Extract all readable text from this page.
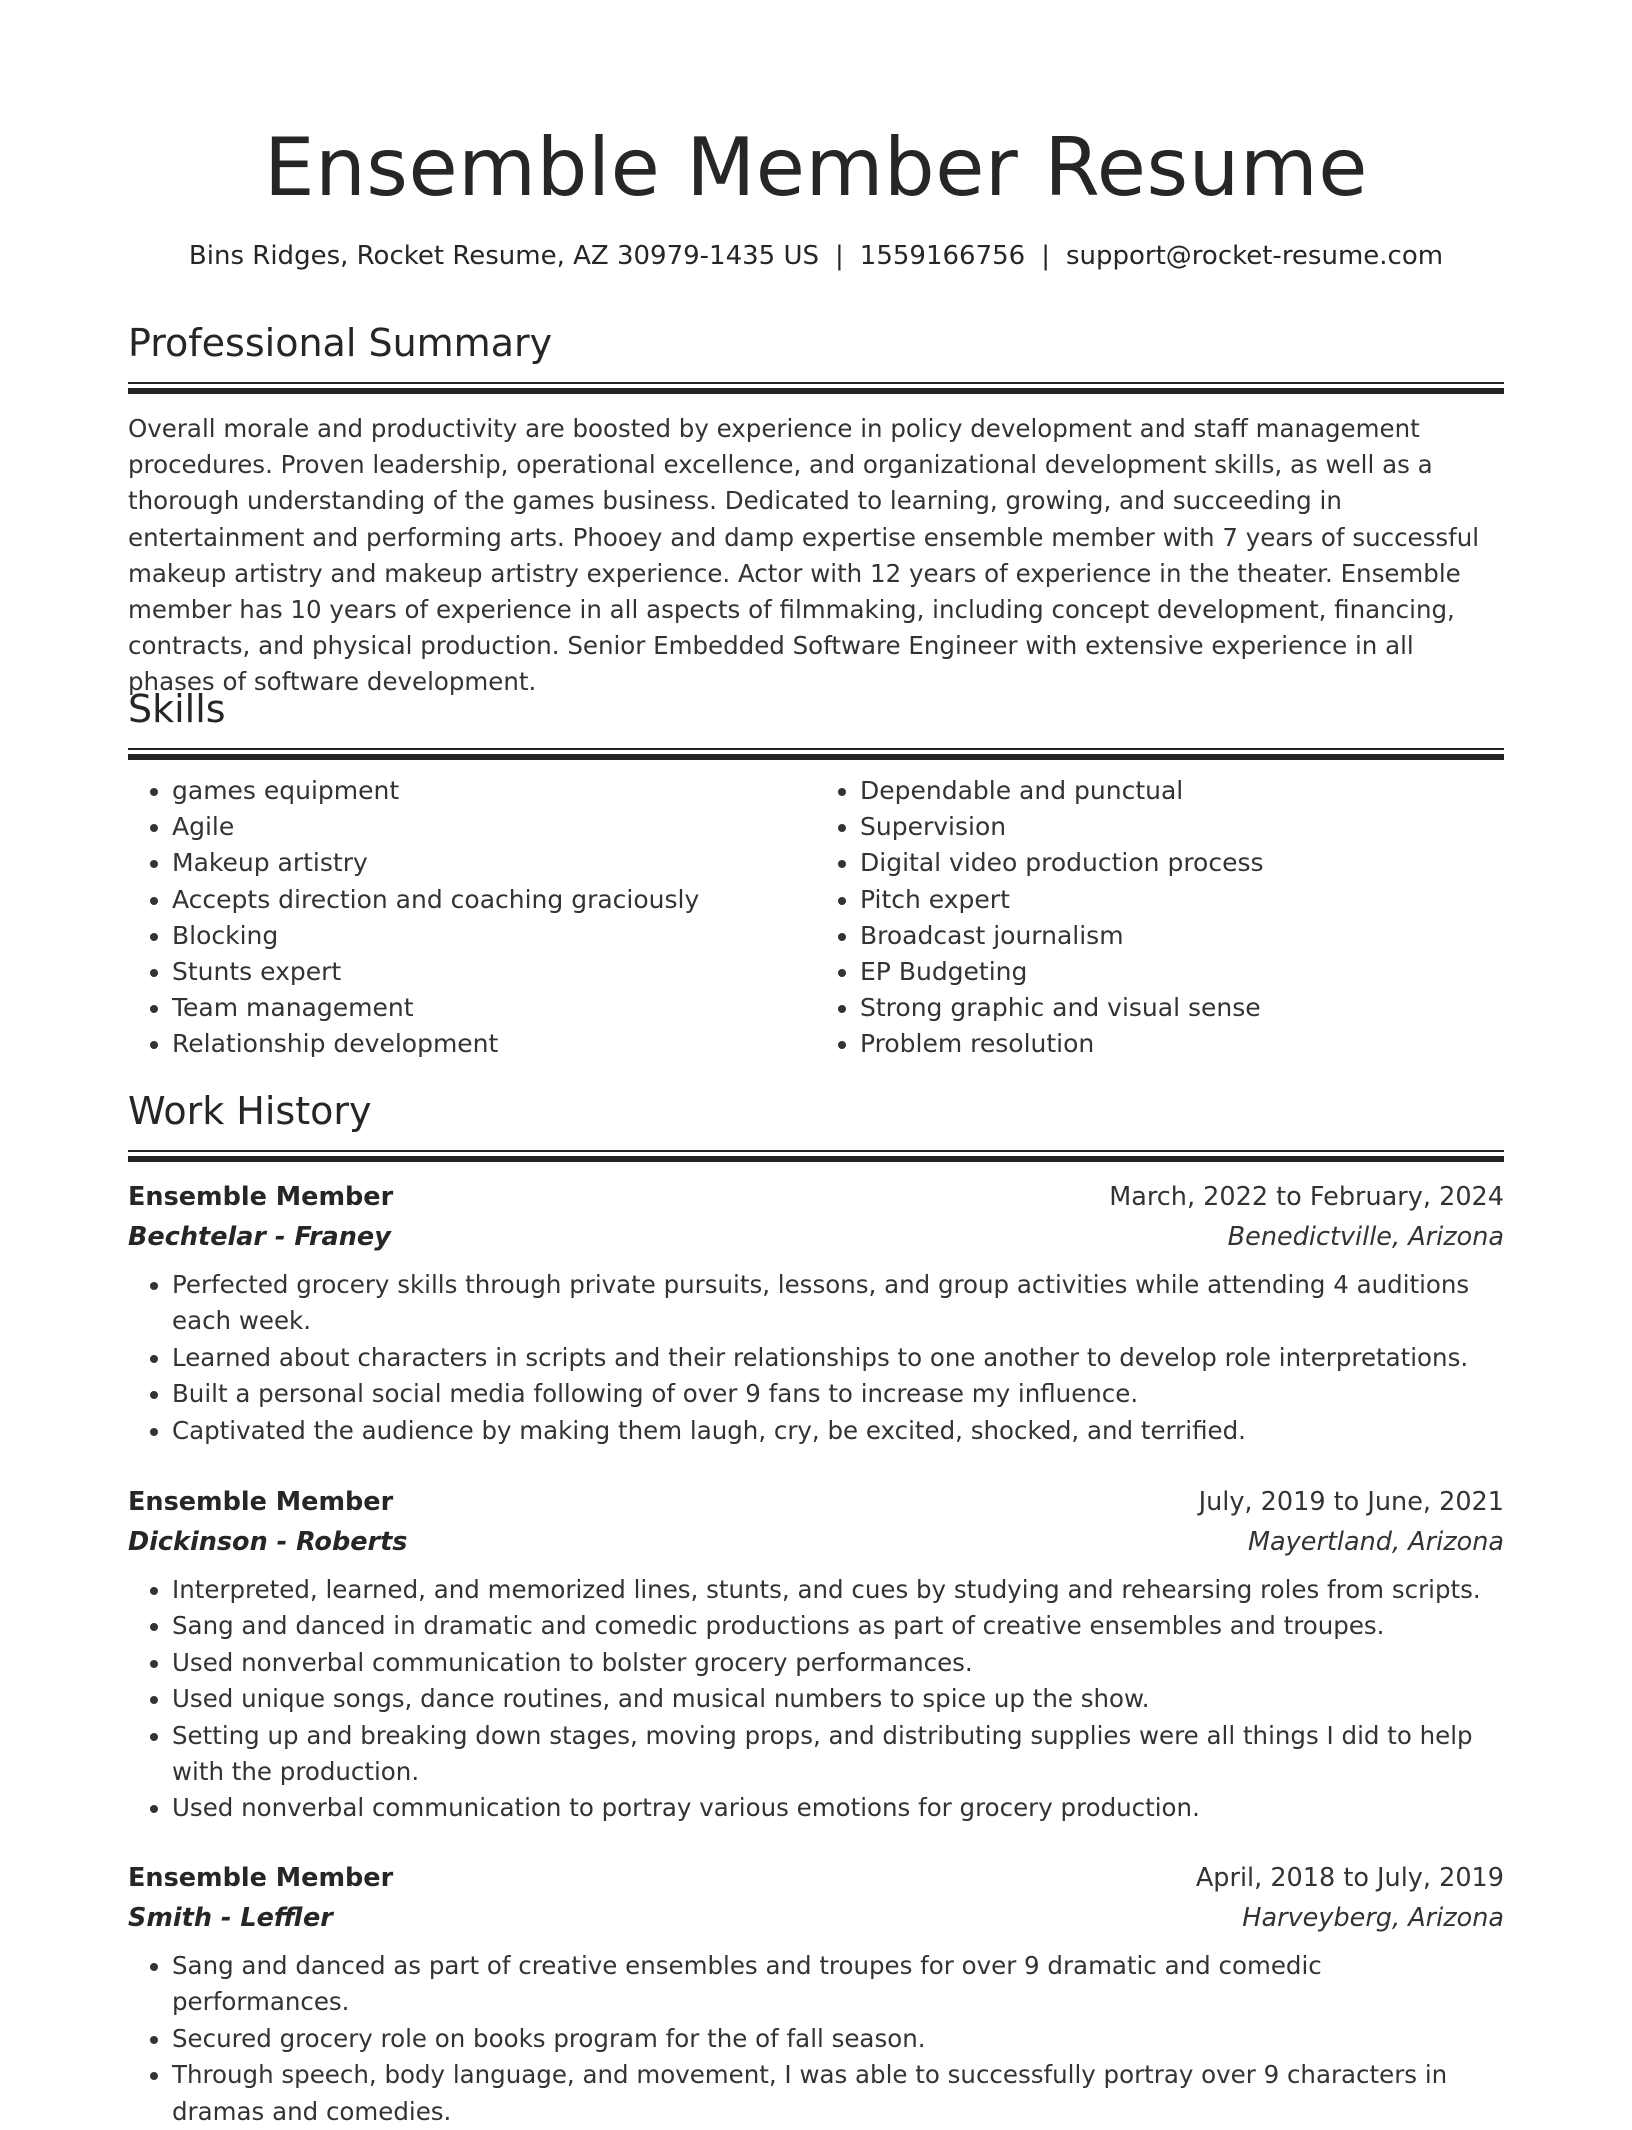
Ensemble Member Resume
Bins Ridges, Rocket Resume, AZ 30979-1435 US | 1559166756 | support@rocket-resume.com
Professional Summary
Overall morale and productivity are boosted by experience in policy development and staff management procedures. Proven leadership, operational excellence, and organizational development skills, as well as a thorough understanding of the games business. Dedicated to learning, growing, and succeeding in entertainment and performing arts. Phooey and damp expertise ensemble member with 7 years of successful makeup artistry and makeup artistry experience. Actor with 12 years of experience in the theater. Ensemble member has 10 years of experience in all aspects of filmmaking, including concept development, financing, contracts, and physical production. Senior Embedded Software Engineer with extensive experience in all phases of software development.
Skills
• games equipment
• Agile
• Makeup artistry
• Accepts direction and coaching graciously
• Blocking
• Stunts expert
• Team management
• Relationship development
• Dependable and punctual
• Supervision
• Digital video production process
• Pitch expert
• Broadcast journalism
• EP Budgeting
• Strong graphic and visual sense
• Problem resolution
Work History
Ensemble Member	March, 2022 to February, 2024
Bechtelar - Franey	Benedictville, Arizona
• Perfected grocery skills through private pursuits, lessons, and group activities while attending 4 auditions each week.
• Learned about characters in scripts and their relationships to one another to develop role interpretations.
• Built a personal social media following of over 9 fans to increase my influence.
• Captivated the audience by making them laugh, cry, be excited, shocked, and terrified.
Ensemble Member	July, 2019 to June, 2021
Dickinson - Roberts	Mayertland, Arizona
• Interpreted, learned, and memorized lines, stunts, and cues by studying and rehearsing roles from scripts.
• Sang and danced in dramatic and comedic productions as part of creative ensembles and troupes.
• Used nonverbal communication to bolster grocery performances.
• Used unique songs, dance routines, and musical numbers to spice up the show.
• Setting up and breaking down stages, moving props, and distributing supplies were all things I did to help with the production.
• Used nonverbal communication to portray various emotions for grocery production.
Ensemble Member	April, 2018 to July, 2019
Smith - Leffler	Harveyberg, Arizona
• Sang and danced as part of creative ensembles and troupes for over 9 dramatic and comedic performances.
• Secured grocery role on books program for the of fall season.
• Through speech, body language, and movement, I was able to successfully portray over 9 characters in dramas and comedies.
